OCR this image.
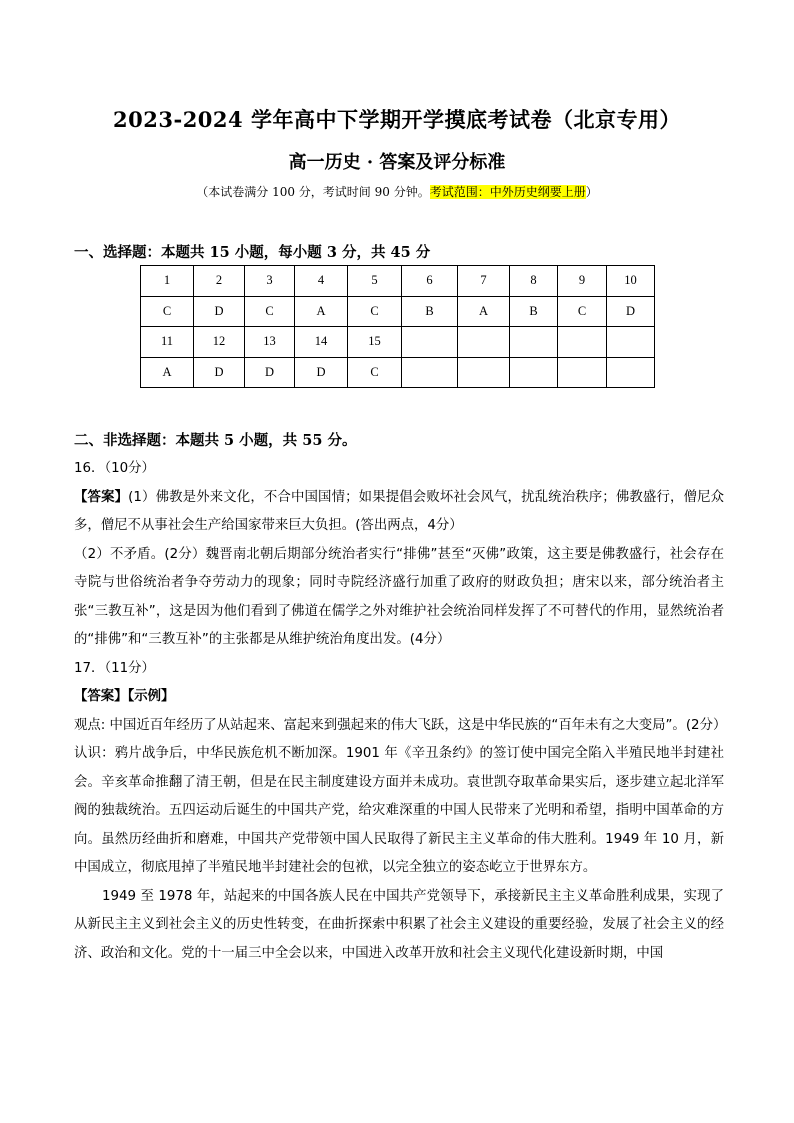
2023-2024 学年高中下学期开学摸底考试卷（北京专用）
高一历史 · 答案及评分标准
（本试卷满分 100 分，考试时间 90 分钟。考试范围：中外历史纲要上册）
一、选择题：本题共 15 小题，每小题 3 分，共 45 分
1	2	3	4	5	6	7	8	9	10
C	D	C	A	C	B	A	B	C	D
11	12	13	14	15					
A	D	D	D	C					
二、非选择题：本题共 5 小题，共 55 分。

16．（10分）

【答案】(1）佛教是外来文化，不合中国国情；如果提倡会败坏社会风气，扰乱统治秩序；佛教盛行，僧尼众多，僧尼不从事社会生产给国家带来巨大负担。(答出两点，4分）

（2）不矛盾。(2分）魏晋南北朝后期部分统治者实行“排佛”甚至“灭佛”政策，这主要是佛教盛行，社会存在寺院与世俗统治者争夺劳动力的现象；同时寺院经济盛行加重了政府的财政负担；唐宋以来，部分统治者主张“三教互补”，这是因为他们看到了佛道在儒学之外对维护社会统治同样发挥了不可替代的作用，显然统治者的“排佛”和“三教互补”的主张都是从维护统治角度出发。(4分）

17．（11分）

【答案】【示例】

观点: 中国近百年经历了从站起来、富起来到强起来的伟大飞跃，这是中华民族的“百年未有之大变局”。(2分）

认识：鸦片战争后，中华民族危机不断加深。1901 年《辛丑条约》的签订使中国完全陷入半殖民地半封建社会。辛亥革命推翻了清王朝，但是在民主制度建设方面并未成功。袁世凯夺取革命果实后，逐步建立起北洋军阀的独裁统治。五四运动后诞生的中国共产党，给灾难深重的中国人民带来了光明和希望，指明中国革命的方向。虽然历经曲折和磨难，中国共产党带领中国人民取得了新民主主义革命的伟大胜利。1949 年 10 月，新中国成立，彻底甩掉了半殖民地半封建社会的包袱，以完全独立的姿态屹立于世界东方。

1949 至 1978 年，站起来的中国各族人民在中国共产党领导下，承接新民主主义革命胜利成果，实现了从新民主主义到社会主义的历史性转变，在曲折探索中积累了社会主义建设的重要经验，发展了社会主义的经济、政治和文化。党的十一届三中全会以来，中国进入改革开放和社会主义现代化建设新时期，中国
